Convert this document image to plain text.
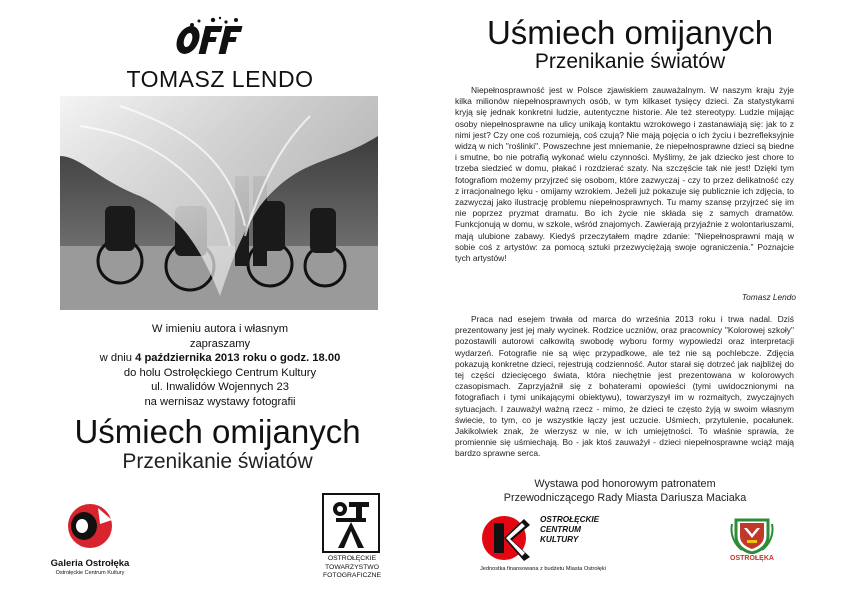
TOMASZ LENDO
W imieniu autora i własnym
zapraszamy
w dniu 4 października 2013 roku o godz. 18.00
do holu Ostrołęckiego Centrum Kultury
ul. Inwalidów Wojennych 23
na wernisaz wystawy fotografii
Uśmiech omijanych
Przenikanie światów
Galeria Ostrołęka
Ostrołęckie Centrum Kultury
OSTROŁĘCKIE
TOWARZYSTWO
FOTOGRAFICZNE
Uśmiech omijanych
Przenikanie światów

Niepełnosprawność jest w Polsce zjawiskiem zauważalnym. W naszym kraju żyje kilka milionów niepełnosprawnych osób, w tym kilkaset tysięcy dzieci. Za statystykami kryją się jednak konkretni ludzie, autentyczne historie. Ale też stereotypy. Ludzie mijając osoby niepełnosprawne na ulicy unikają kontaktu wzrokowego i zastanawiają się: jak to z nimi jest? Czy one coś rozumieją, coś czują? Nie mają pojęcia o ich życiu i bezrefleksyjnie widzą w nich "roślinki". Powszechne jest mniemanie, że niepełnosprawne dzieci są biedne i smutne, bo nie potrafią wykonać wielu czynności. Myślimy, że jak dziecko jest chore to trzeba siedzieć w domu, płakać i rozdzierać szaty. Na szczęście tak nie jest! Dzięki tym fotografiom możemy przyjrzeć się osobom, które zazwyczaj - czy to przez delikatność czy z irracjonalnego lęku - omijamy wzrokiem. Jeżeli już pokazuje się publicznie ich zdjęcia, to zazwyczaj jako ilustrację problemu niepełnosprawnych. Tu mamy szansę przyjrzeć się im nie poprzez pryzmat dramatu. Bo ich życie nie składa się z samych dramatów. Funkcjonują w domu, w szkole, wśród znajomych. Zawierają przyjaźnie z wolontariuszami, mają ulubione zabawy. Kiedyś przeczytałem mądre zdanie: "Niepełnosprawni mają w sobie coś z artystów: za pomocą sztuki przezwyciężają swoje ograniczenia." Poznajcie tych artystów!

Tomasz Lendo

Praca nad esejem trwała od marca do września 2013 roku i trwa nadal. Dziś prezentowany jest jej mały wycinek. Rodzice uczniów, oraz pracownicy "Kolorowej szkoły" pozostawili autorowi całkowitą swobodę wyboru formy wypowiedzi oraz interpretacji wydarzeń. Fotografie nie są więc przypadkowe, ale też nie są pochlebcze. Zdjęcia pokazują konkretne dzieci, rejestrują codzienność. Autor starał się dotrzeć jak najbliżej do tej części dziecięcego świata, która niechętnie jest prezentowana w kolorowych czasopismach. Zaprzyjaźnił się z bohaterami opowieści (tymi uwidocznionymi na fotografiach i tymi unikającymi obiektywu), towarzyszył im w rozmaitych, zwyczajnych sytuacjach. I zauważył ważną rzecz - mimo, że dzieci te często żyją w swoim własnym świecie, to tym, co je wszystkie łączy jest uczucie. Uśmiech, przytulenie, pocałunek. Jakikolwiek znak, że wierzysz w nie, w ich umiejętności. To właśnie sprawia, że promiennie się uśmiechają. Bo - jak ktoś zauważył - dzieci niepełnosprawne wciąż mają bardzo sprawne serca.

Wystawa pod honorowym patronatem
Przewodniczącego Rady Miasta Dariusza Maciaka
OSTROŁĘCKIE
CENTRUM
KULTURY
Jednostka finansowana z budżetu Miasta Ostrołęki
OSTROŁĘKA
